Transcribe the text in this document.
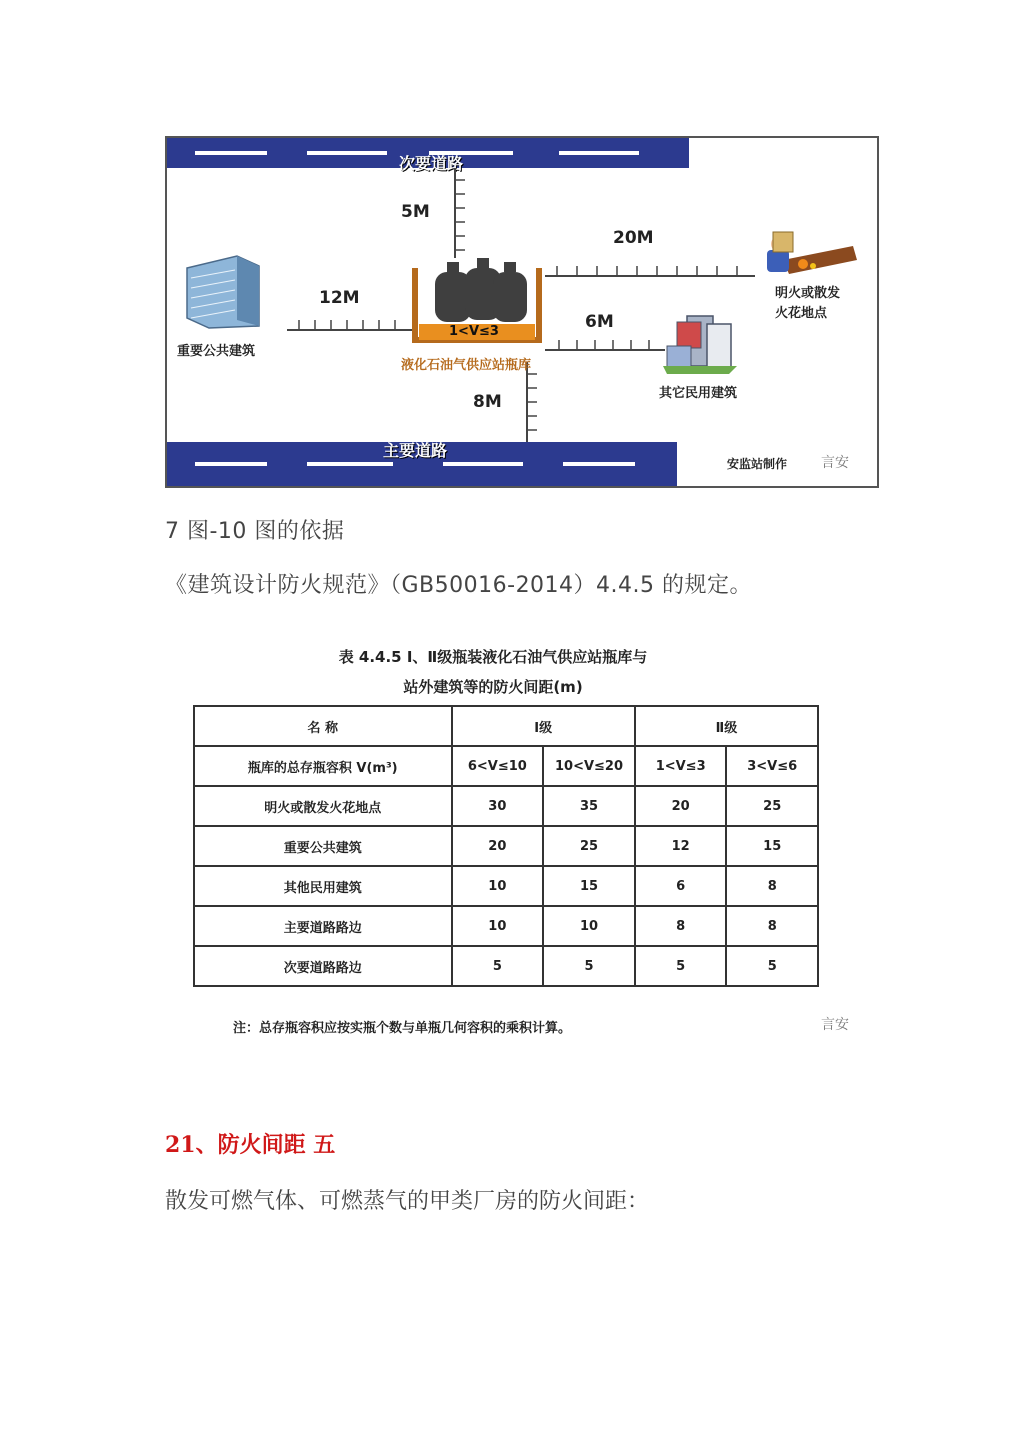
次要道路
主要道路
5M
20M
12M
6M
8M
重要公共建筑
明火或散发
火花地点
其它民用建筑
液化石油气供应站瓶库
1<V≤3
安监站制作 言安
7 图-10 图的依据
《建筑设计防火规范》（GB50016-2014）4.4.5 的规定。
表 4.4.5 Ⅰ、Ⅱ级瓶装液化石油气供应站瓶库与
站外建筑等的防火间距(m)
名 称	Ⅰ级		Ⅱ级	
瓶库的总存瓶容积 V(m³)	6<V≤10	10<V≤20	1<V≤3	3<V≤6
明火或散发火花地点	30	35	20	25
重要公共建筑	20	25	12	15
其他民用建筑	10	15	6	8
主要道路路边	10	10	8	8
次要道路路边	5	5	5	5
注：总存瓶容积应按实瓶个数与单瓶几何容积的乘积计算。	言安
21、防火间距 五
散发可燃气体、可燃蒸气的甲类厂房的防火间距：
